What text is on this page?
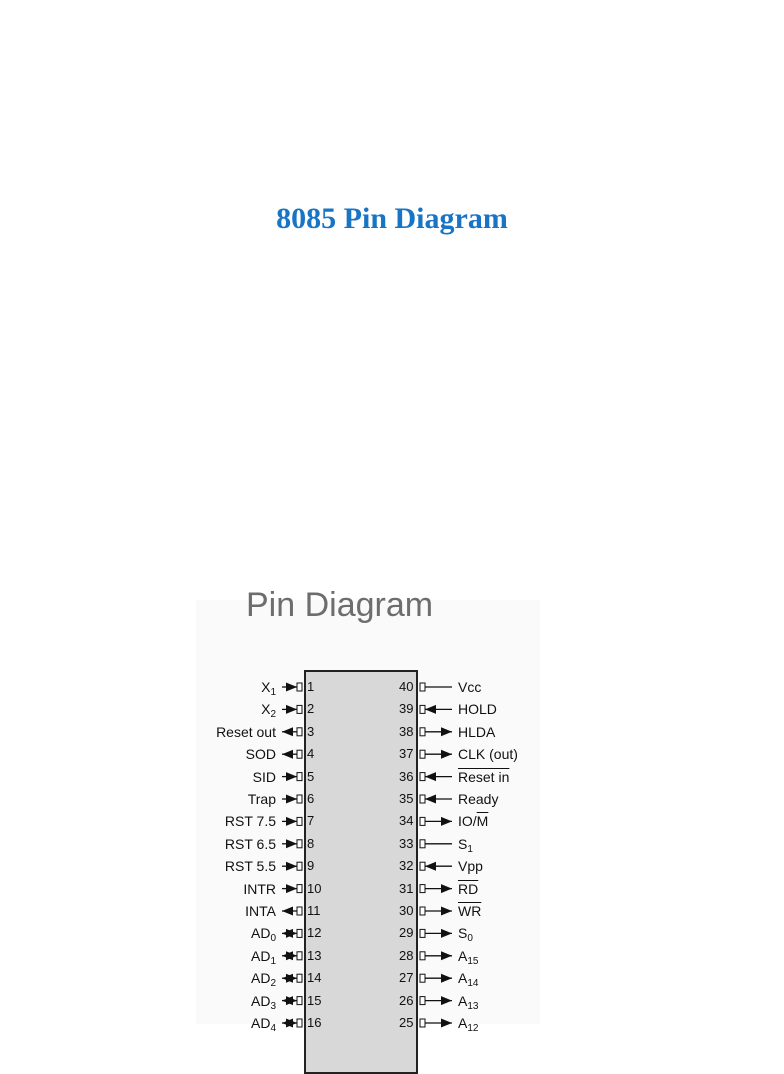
8085 Pin Diagram
Pin Diagram
$X_1$ 1
$X_2$ 2
Reset out 3
SOD 4
SID 5
Trap 6
RST 7.5 7
RST 6.5 8
RST 5.5 9
INTR 10
INTA 11
$AD_0$ 12
$AD_1$ 13
$AD_2$ 14
$AD_3$ 15
$AD_4$ 16
Vcc
40
HOLD
39
HLDA
38
CLK (out)
37
Reset in
36
Ready
35
$IO/\overline{M}$
34
$S_1$
33
Vpp
32
$\overline{RD}$
31
$\overline{WR}$
30
$S_0$
29
$A_{15}$
28
$A_{14}$
27
$A_{13}$
26
$A_{12}$
25
